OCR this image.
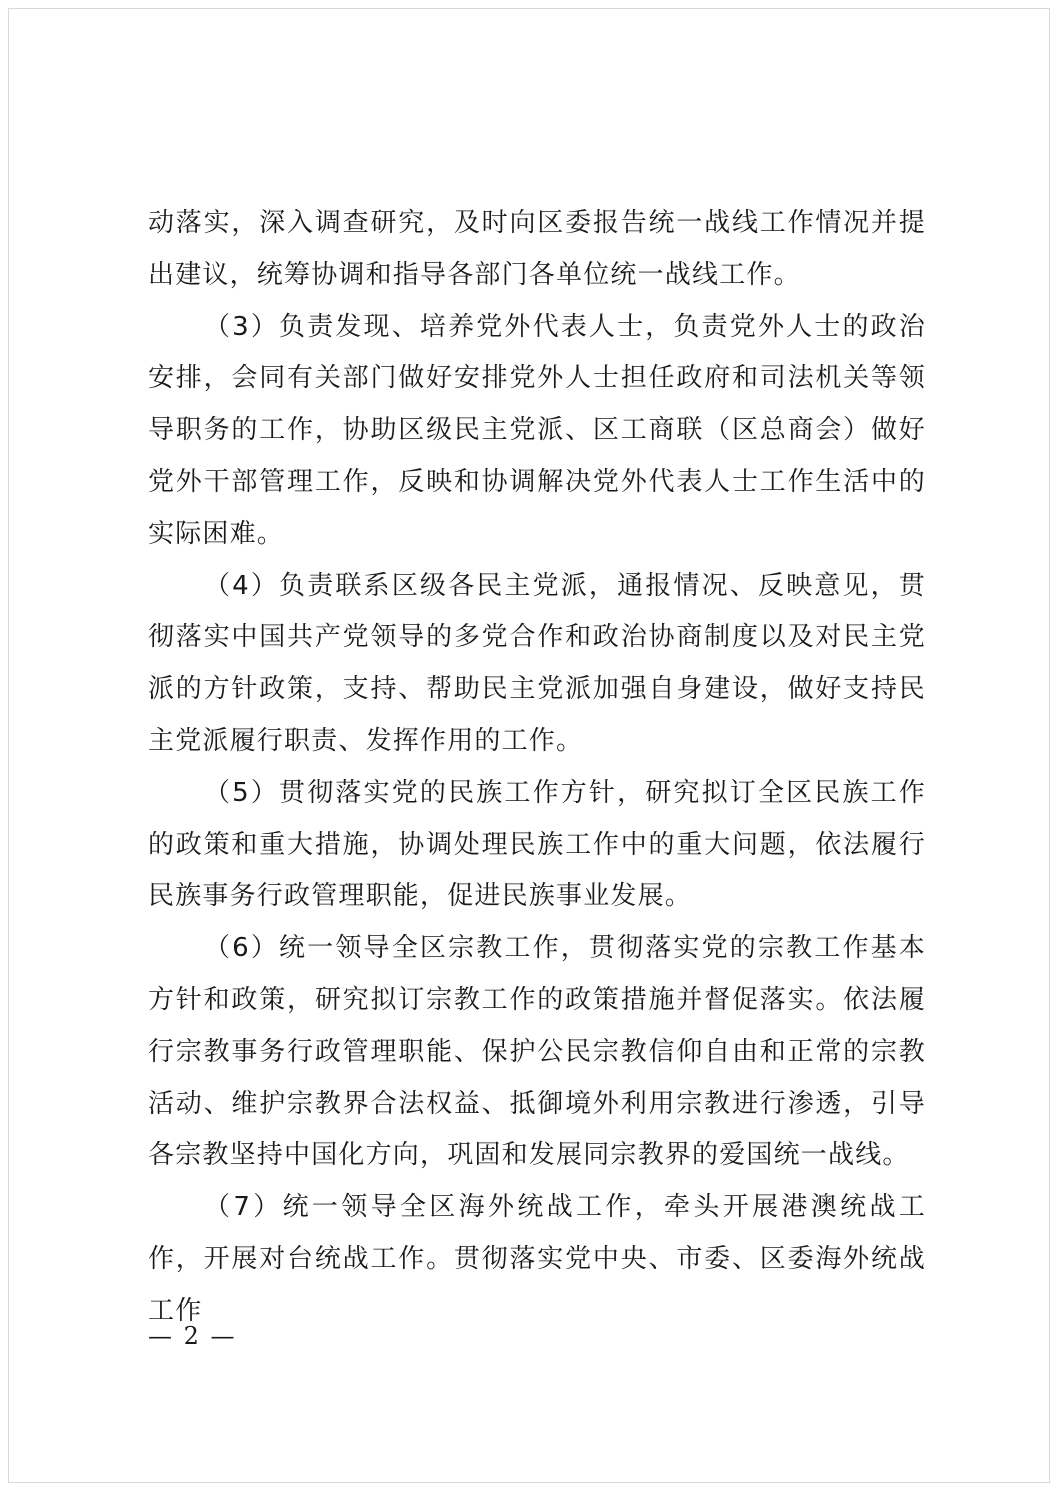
动落实，深入调查研究，及时向区委报告统一战线工作情况并提出建议，统筹协调和指导各部门各单位统一战线工作。

（3）负责发现、培养党外代表人士，负责党外人士的政治安排，会同有关部门做好安排党外人士担任政府和司法机关等领导职务的工作，协助区级民主党派、区工商联（区总商会）做好党外干部管理工作，反映和协调解决党外代表人士工作生活中的实际困难。

（4）负责联系区级各民主党派，通报情况、反映意见，贯彻落实中国共产党领导的多党合作和政治协商制度以及对民主党派的方针政策，支持、帮助民主党派加强自身建设，做好支持民主党派履行职责、发挥作用的工作。

（5）贯彻落实党的民族工作方针，研究拟订全区民族工作的政策和重大措施，协调处理民族工作中的重大问题，依法履行民族事务行政管理职能，促进民族事业发展。

（6）统一领导全区宗教工作，贯彻落实党的宗教工作基本方针和政策，研究拟订宗教工作的政策措施并督促落实。依法履行宗教事务行政管理职能、保护公民宗教信仰自由和正常的宗教活动、维护宗教界合法权益、抵御境外利用宗教进行渗透，引导各宗教坚持中国化方向，巩固和发展同宗教界的爱国统一战线。

（7）统一领导全区海外统战工作，牵头开展港澳统战工作，开展对台统战工作。贯彻落实党中央、市委、区委海外统战工作

— 2 —
